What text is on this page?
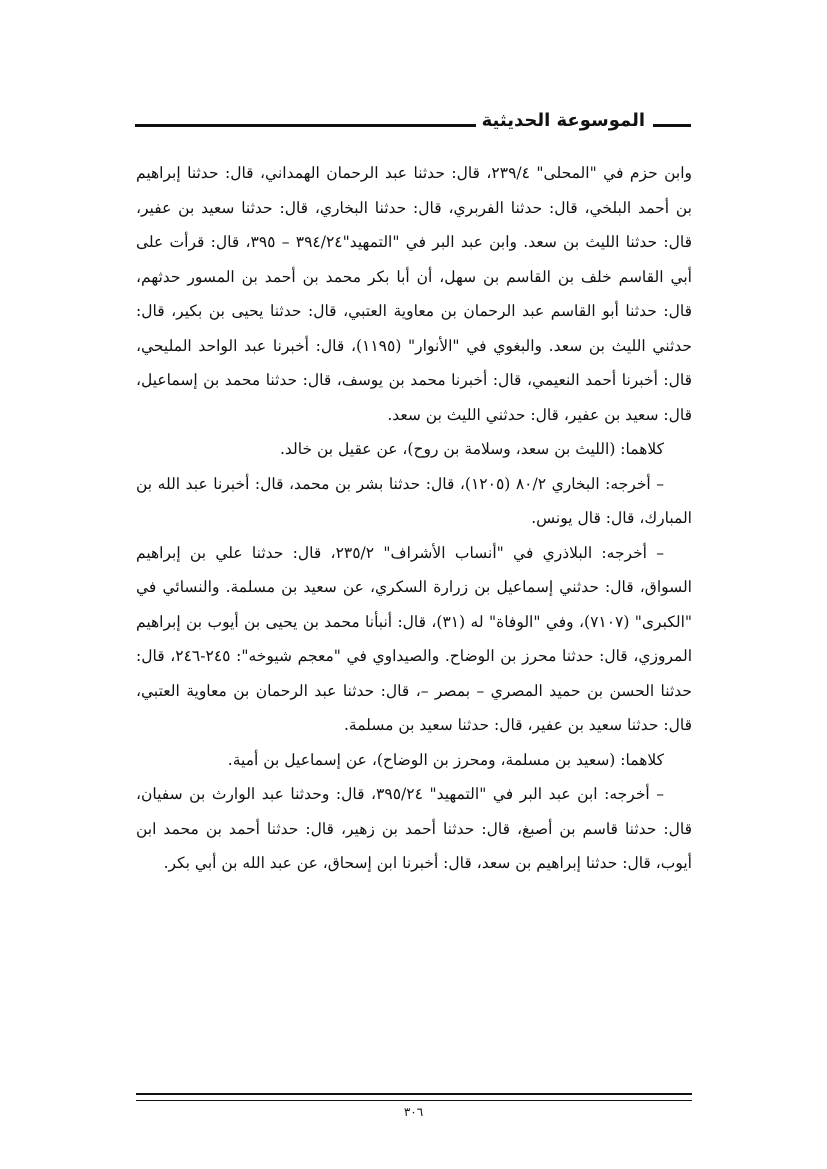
الموسوعة الحديثية

وابن حزم في "المحلى" ٢٣٩/٤، قال: حدثنا عبد الرحمان الهمداني، قال: حدثنا إبراهيم بن أحمد البلخي، قال: حدثنا الفربري، قال: حدثنا البخاري، قال: حدثنا سعيد بن عفير، قال: حدثنا الليث بن سعد. وابن عبد البر في "التمهيد"٣٩٤/٢٤ – ٣٩٥، قال: قرأت على أبي القاسم خلف بن القاسم بن سهل، أن أبا بكر محمد بن أحمد بن المسور حدثهم، قال: حدثنا أبو القاسم عبد الرحمان بن معاوية العتبي، قال: حدثنا يحيى بن بكير، قال: حدثني الليث بن سعد. والبغوي في "الأنوار" (١١٩٥)، قال: أخبرنا عبد الواحد المليحي، قال: أخبرنا أحمد النعيمي، قال: أخبرنا محمد بن يوسف، قال: حدثنا محمد بن إسماعيل، قال: سعيد بن عفير، قال: حدثني الليث بن سعد.

كلاهما: (الليث بن سعد، وسلامة بن روح)، عن عقيل بن خالد.

– أخرجه: البخاري ٨٠/٢ (١٢٠٥)، قال: حدثنا بشر بن محمد، قال: أخبرنا عبد الله بن المبارك، قال: قال يونس.

– أخرجه: البلاذري في "أنساب الأشراف" ٢٣٥/٢، قال: حدثنا علي بن إبراهيم السواق، قال: حدثني إسماعيل بن زرارة السكري، عن سعيد بن مسلمة. والنسائي في "الكبرى" (٧١٠٧)، وفي "الوفاة" له (٣١)، قال: أنبأنا محمد بن يحيى بن أيوب بن إبراهيم المروزي، قال: حدثنا محرز بن الوضاح. والصيداوي في "معجم شيوخه": ٢٤٥-٢٤٦، قال: حدثنا الحسن بن حميد المصري – بمصر –، قال: حدثنا عبد الرحمان بن معاوية العتبي، قال: حدثنا سعيد بن عفير، قال: حدثنا سعيد بن مسلمة.

كلاهما: (سعيد بن مسلمة، ومحرز بن الوضاح)، عن إسماعيل بن أمية.

– أخرجه: ابن عبد البر في "التمهيد" ٣٩٥/٢٤، قال: وحدثنا عبد الوارث بن سفيان، قال: حدثنا قاسم بن أصبغ، قال: حدثنا أحمد بن زهير، قال: حدثنا أحمد بن محمد ابن أيوب، قال: حدثنا إبراهيم بن سعد، قال: أخبرنا ابن إسحاق، عن عبد الله بن أبي بكر.

٣٠٦
